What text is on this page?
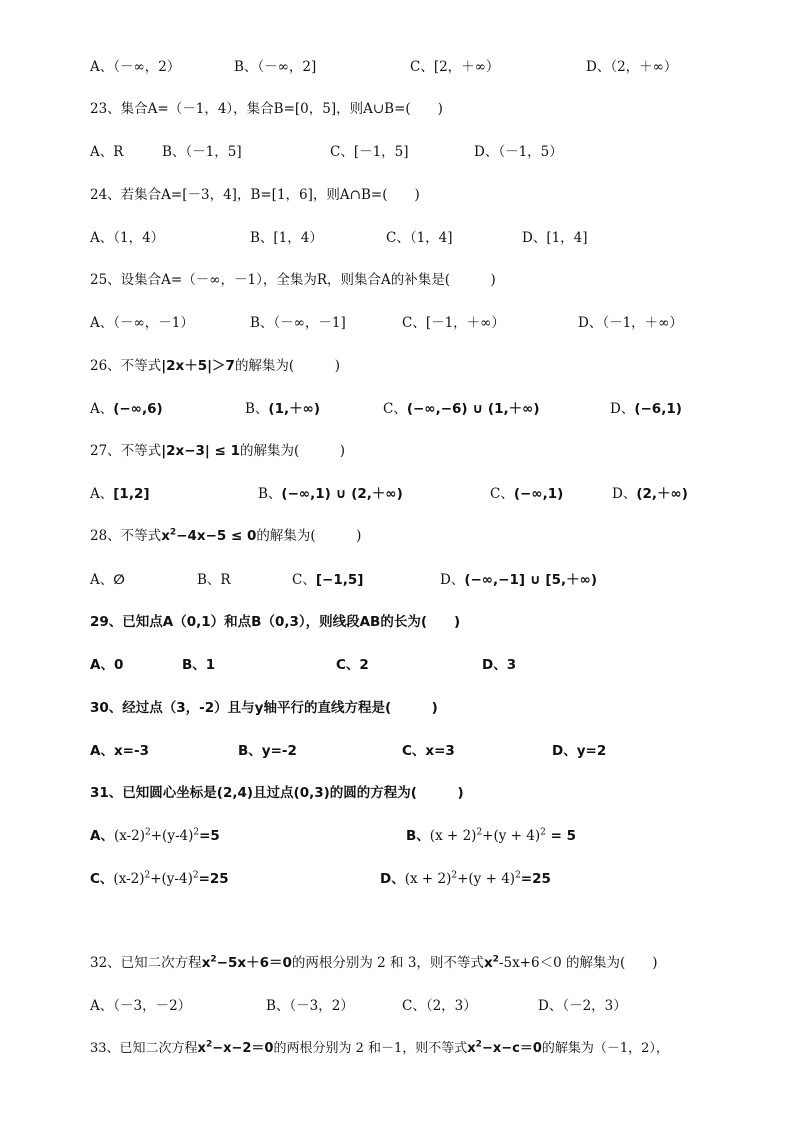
A、（－∞，2）	B、（－∞，2]	C、[2，＋∞）	D、（2，＋∞）
23、集合A=（－1，4），集合B=[0，5]，则A∪B=(　　)
A、R	B、（－1，5]	C、[－1，5]	D、（－1，5）
24、若集合A=[－3，4]，B=[1，6]，则A∩B=(　　)
A、（1，4）	B、[1，4）	C、（1，4]	D、[1，4]
25、设集合A=（－∞，－1），全集为R，则集合A的补集是(　　　)
A、（－∞，－1）	B、（－∞，－1]	C、[－1，＋∞）	D、（－1，＋∞）
26、不等式|2x＋5|＞7的解集为(　　　)
A、(−∞,6)	B、(1,＋∞)	C、(−∞,−6) ∪ (1,＋∞)	D、(−6,1)
27、不等式|2x−3| ≤ 1的解集为(　　　)
A、[1,2]	B、(−∞,1) ∪ (2,＋∞)	C、(−∞,1)	D、(2,＋∞)
28、不等式$x^2-4x-5 \le 0$的解集为(　　　)
A、∅	B、R	C、[−1,5]	D、(−∞,−1] ∪ [5,＋∞)
29、已知点A（0,1）和点B（0,3），则线段AB的长为(　　)
A、0	B、1	C、2	D、3
30、经过点（3，-2）且与y轴平行的直线方程是(　　　)
A、x=-3	B、y=-2	C、x=3	D、y=2
31、已知圆心坐标是(2,4)且过点(0,3)的圆的方程为(　　　)
A、$(x-2)^2+(y-4)^2=5$	B、$(x + 2)^2+(y + 4)^2 = 5$
C、$(x-2)^2+(y-4)^2=25$	D、$(x + 2)^2+(y + 4)^2=25$
32、已知二次方程$x^2-5x+6=0$的两根分别为 2 和 3，则不等式$x^2-5x+6<0$ 的解集为(　　)
A、（－3，－2）	B、（－3，2）	C、（2，3）	D、（－2，3）
33、已知二次方程$x^2-x-2=0$的两根分别为 2 和－1，则不等式$x^2-x-c=0$的解集为（－1，2），
